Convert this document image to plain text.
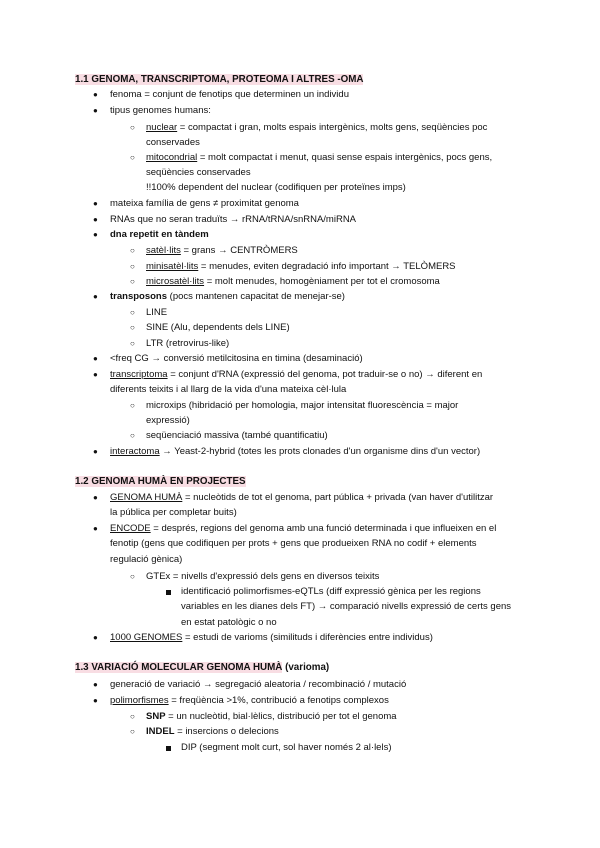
1.1 GENOMA, TRANSCRIPTOMA, PROTEOMA I ALTRES -OMA
● fenoma = conjunt de fenotips que determinen un individu
● tipus genomes humans:
○ nuclear = compactat i gran, molts espais intergènics, molts gens, seqüències poc
conservades
○ mitocondrial = molt compactat i menut, quasi sense espais intergènics, pocs gens,
seqüències conservades
!!100% dependent del nuclear (codifiquen per proteïnes imps)
● mateixa família de gens ≠ proximitat genoma
● RNAs que no seran traduïts → rRNA/tRNA/snRNA/miRNA
● dna repetit en tàndem
○ satèl·lits = grans → CENTRÒMERS
○ minisatèl·lits = menudes, eviten degradació info important → TELÒMERS
○ microsatèl·lits = molt menudes, homogèniament per tot el cromosoma
● transposons (pocs mantenen capacitat de menejar-se)
○ LINE
○ SINE (Alu, dependents dels LINE)
○ LTR (retrovirus-like)
● <freq CG → conversió metilcitosina en timina (desaminació)
● transcriptoma = conjunt d'RNA (expressió del genoma, pot traduir-se o no) → diferent en
diferents teixits i al llarg de la vida d'una mateixa cèl·lula
○ microxips (hibridació per homologia, major intensitat fluorescència = major
expressió)
○ seqüenciació massiva (també quantificatiu)
● interactoma → Yeast-2-hybrid (totes les prots clonades d'un organisme dins d'un vector)
1.2 GENOMA HUMÀ EN PROJECTES
● GENOMA HUMÀ = nucleòtids de tot el genoma, part pública + privada (van haver d'utilitzar
la pública per completar buits)
● ENCODE = després, regions del genoma amb una funció determinada i que influeixen en el
fenotip (gens que codifiquen per prots + gens que produeixen RNA no codif + elements
regulació gènica)
○ GTEx = nivells d'expressió dels gens en diversos teixits
identificació polimorfismes-eQTLs (diff expressió gènica per les regions
variables en les dianes dels FT) → comparació nivells expressió de certs gens
en estat patològic o no
● 1000 GENOMES = estudi de varioms (similituds i diferències entre individus)
1.3 VARIACIÓ MOLECULAR GENOMA HUMÀ (varioma)
● generació de variació → segregació aleatoria / recombinació / mutació
● polimorfismes = freqüència >1%, contribució a fenotips complexos
○ SNP = un nucleòtid, bial·lèlics, distribució per tot el genoma
○ INDEL = insercions o delecions
DIP (segment molt curt, sol haver només 2 al·lels)
